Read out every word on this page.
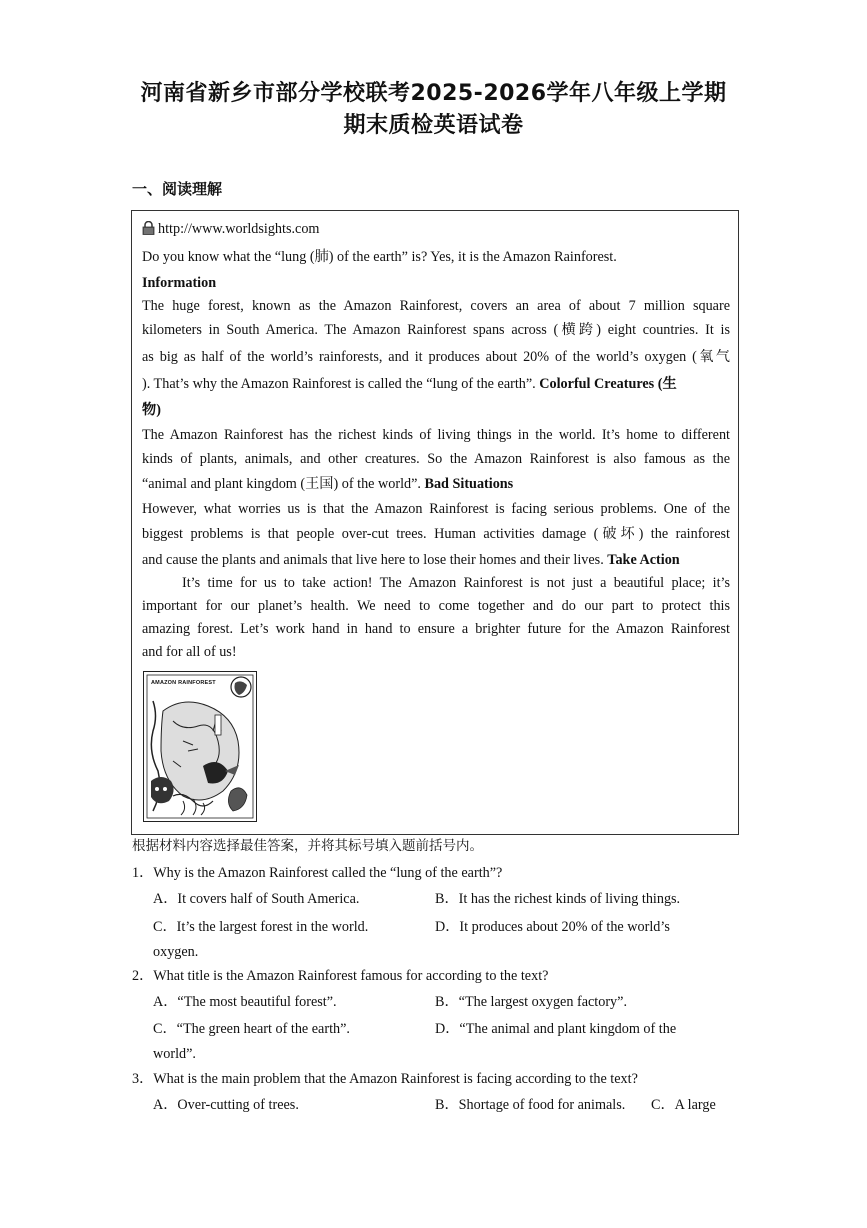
河南省新乡市部分学校联考2025-2026学年八年级上学期
期末质检英语试卷
一、阅读理解
http://www.worldsights.com
Do you know what the “lung (肺) of the earth” is? Yes, it is the Amazon Rainforest.
Information
The huge forest, known as the Amazon Rainforest, covers an area of about 7 million square
kilometers in South America. The Amazon Rainforest spans across (横跨) eight countries. It is
as big as half of the world’s rainforests, and it produces about 20% of the world’s oxygen (氧气
). That’s why the Amazon Rainforest is called the “lung of the earth”. Colorful Creatures (生
物)
The Amazon Rainforest has the richest kinds of living things in the world. It’s home to different
kinds of plants, animals, and other creatures. So the Amazon Rainforest is also famous as the
“animal and plant kingdom (王国) of the world”. Bad Situations
However, what worries us is that the Amazon Rainforest is facing serious problems. One of the
biggest problems is that people over-cut trees. Human activities damage (破坏) the rainforest
and cause the plants and animals that live here to lose their homes and their lives. Take Action
It’s time for us to take action! The Amazon Rainforest is not just a beautiful place; it’s
important for our planet’s health. We need to come together and do our part to protect this
amazing forest. Let’s work hand in hand to ensure a brighter future for the Amazon Rainforest
and for all of us!
AMAZON RAINFOREST
根据材料内容选择最佳答案，并将其标号填入题前括号内。
1．Why is the Amazon Rainforest called the “lung of the earth”?
A．It covers half of South America.	B．It has the richest kinds of living things.
C．It’s the largest forest in the world.	D．It produces about 20% of the world’s
oxygen.
2．What title is the Amazon Rainforest famous for according to the text?
A．“The most beautiful forest”.	B．“The largest oxygen factory”.
C．“The green heart of the earth”.	D．“The animal and plant kingdom of the
world”.
3．What is the main problem that the Amazon Rainforest is facing according to the text?
A．Over-cutting of trees.	B．Shortage of food for animals. C．A large
